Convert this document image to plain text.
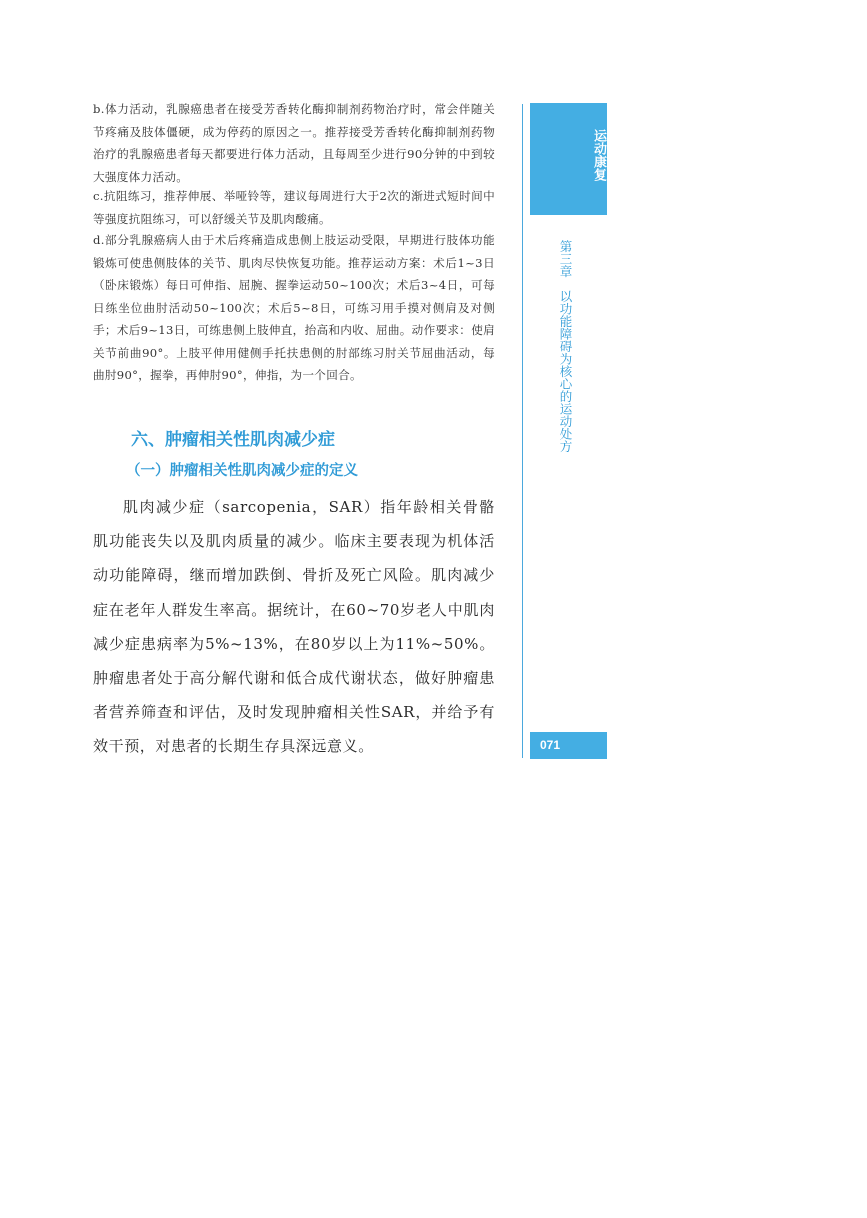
b.体力活动，乳腺癌患者在接受芳香转化酶抑制剂药物治疗时，常会伴随关节疼痛及肢体僵硬，成为停药的原因之一。推荐接受芳香转化酶抑制剂药物治疗的乳腺癌患者每天都要进行体力活动，且每周至少进行90分钟的中到较大强度体力活动。

c.抗阻练习，推荐伸展、举哑铃等，建议每周进行大于2次的渐进式短时间中等强度抗阻练习，可以舒缓关节及肌肉酸痛。

d.部分乳腺癌病人由于术后疼痛造成患侧上肢运动受限，早期进行肢体功能锻炼可使患侧肢体的关节、肌肉尽快恢复功能。推荐运动方案：术后1~3日（卧床锻炼）每日可伸指、屈腕、握拳运动50~100次；术后3~4日，可每日练坐位曲肘活动50~100次；术后5~8日，可练习用手摸对侧肩及对侧手；术后9~13日，可练患侧上肢伸直，抬高和内收、屈曲。动作要求：使肩关节前曲90°。上肢平伸用健侧手托扶患侧的肘部练习肘关节屈曲活动，每曲肘90°，握拳，再伸肘90°，伸指，为一个回合。

六、肿瘤相关性肌肉减少症
（一）肿瘤相关性肌肉减少症的定义

肌肉减少症（sarcopenia，SAR）指年龄相关骨骼肌功能丧失以及肌肉质量的减少。临床主要表现为机体活动功能障碍，继而增加跌倒、骨折及死亡风险。肌肉减少症在老年人群发生率高。据统计，在60~70岁老人中肌肉减少症患病率为5%~13%，在80岁以上为11%~50%。肿瘤患者处于高分解代谢和低合成代谢状态，做好肿瘤患者营养筛查和评估，及时发现肿瘤相关性SAR，并给予有效干预，对患者的长期生存具深远意义。

运动康复
第三章　以功能障碍为核心的运动处方
071
